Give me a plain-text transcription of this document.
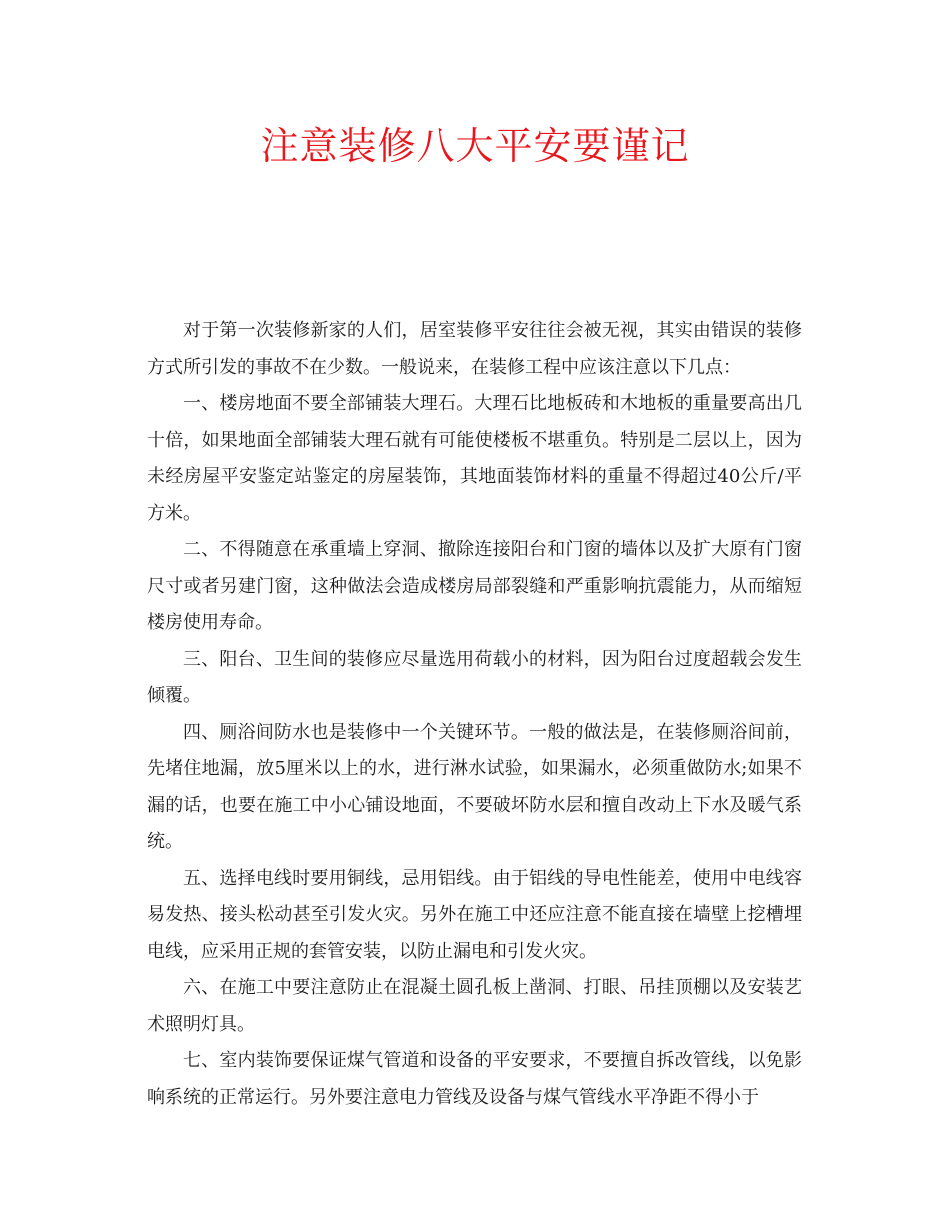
注意装修八大平安要谨记

对于第一次装修新家的人们，居室装修平安往往会被无视，其实由错误的装修方式所引发的事故不在少数。一般说来，在装修工程中应该注意以下几点：

一、楼房地面不要全部铺装大理石。大理石比地板砖和木地板的重量要高出几十倍，如果地面全部铺装大理石就有可能使楼板不堪重负。特别是二层以上，因为未经房屋平安鉴定站鉴定的房屋装饰，其地面装饰材料的重量不得超过40公斤/平方米。

二、不得随意在承重墙上穿洞、撤除连接阳台和门窗的墙体以及扩大原有门窗尺寸或者另建门窗，这种做法会造成楼房局部裂缝和严重影响抗震能力，从而缩短楼房使用寿命。

三、阳台、卫生间的装修应尽量选用荷载小的材料，因为阳台过度超载会发生倾覆。

四、厕浴间防水也是装修中一个关键环节。一般的做法是，在装修厕浴间前，先堵住地漏，放5厘米以上的水，进行淋水试验，如果漏水，必须重做防水;如果不漏的话，也要在施工中小心铺设地面，不要破坏防水层和擅自改动上下水及暖气系统。

五、选择电线时要用铜线，忌用铝线。由于铝线的导电性能差，使用中电线容易发热、接头松动甚至引发火灾。另外在施工中还应注意不能直接在墙壁上挖槽埋电线，应采用正规的套管安装，以防止漏电和引发火灾。

六、在施工中要注意防止在混凝土圆孔板上凿洞、打眼、吊挂顶棚以及安装艺术照明灯具。

七、室内装饰要保证煤气管道和设备的平安要求，不要擅自拆改管线，以免影响系统的正常运行。另外要注意电力管线及设备与煤气管线水平净距不得小于
